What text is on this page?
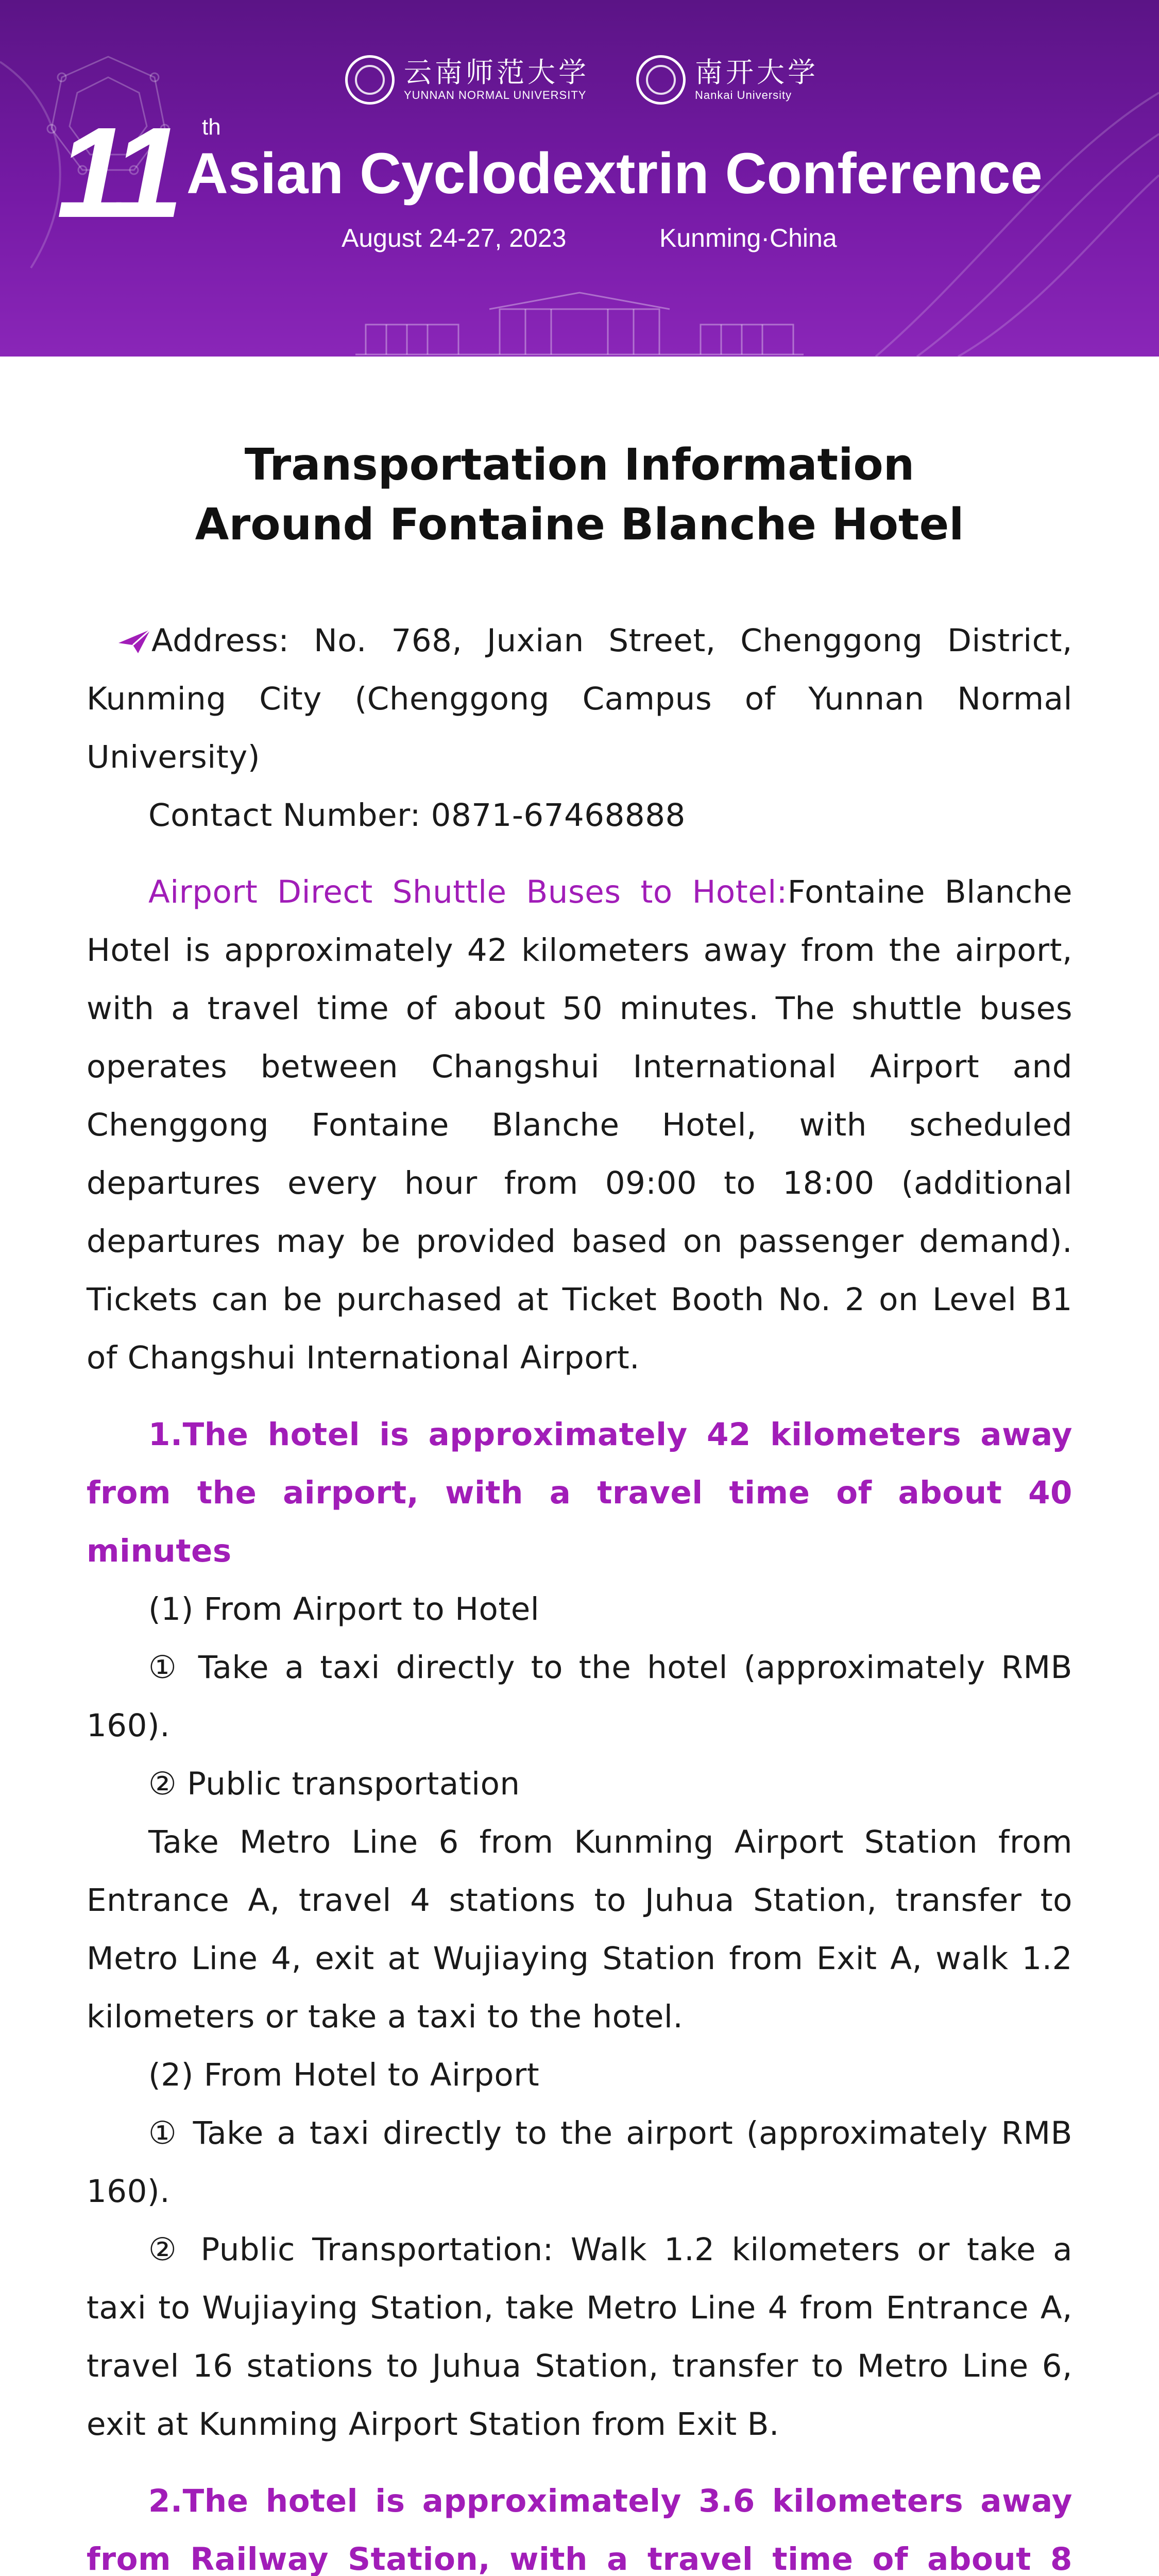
云南师范大学
YUNNAN NORMAL UNIVERSITY
南开大学
Nankai University
11 th
Asian Cyclodextrin Conference
August 24-27, 2023	Kunming·China
Transportation Information
Around Fontaine Blanche Hotel

Address: No. 768, Juxian Street, Chenggong District, Kunming City (Chenggong Campus of Yunnan Normal University)

Contact Number: 0871-67468888

Airport Direct Shuttle Buses to Hotel:Fontaine Blanche Hotel is approximately 42 kilometers away from the airport, with a travel time of about 50 minutes. The shuttle buses operates between Changshui International Airport and Chenggong Fontaine Blanche Hotel, with scheduled departures every hour from 09:00 to 18:00 (additional departures may be provided based on passenger demand). Tickets can be purchased at Ticket Booth No. 2 on Level B1 of Changshui International Airport.

1.The hotel is approximately 42 kilometers away from the airport, with a travel time of about 40 minutes

(1) From Airport to Hotel

① Take a taxi directly to the hotel (approximately RMB 160).

② Public transportation

Take Metro Line 6 from Kunming Airport Station from Entrance A, travel 4 stations to Juhua Station, transfer to Metro Line 4, exit at Wujiaying Station from Exit A, walk 1.2 kilometers or take a taxi to the hotel.

(2) From Hotel to Airport

① Take a taxi directly to the airport (approximately RMB 160).

② Public Transportation: Walk 1.2 kilometers or take a taxi to Wujiaying Station, take Metro Line 4 from Entrance A, travel 16 stations to Juhua Station, transfer to Metro Line 6, exit at Kunming Airport Station from Exit B.

2.The hotel is approximately 3.6 kilometers away from Railway Station, with a travel time of about 8
